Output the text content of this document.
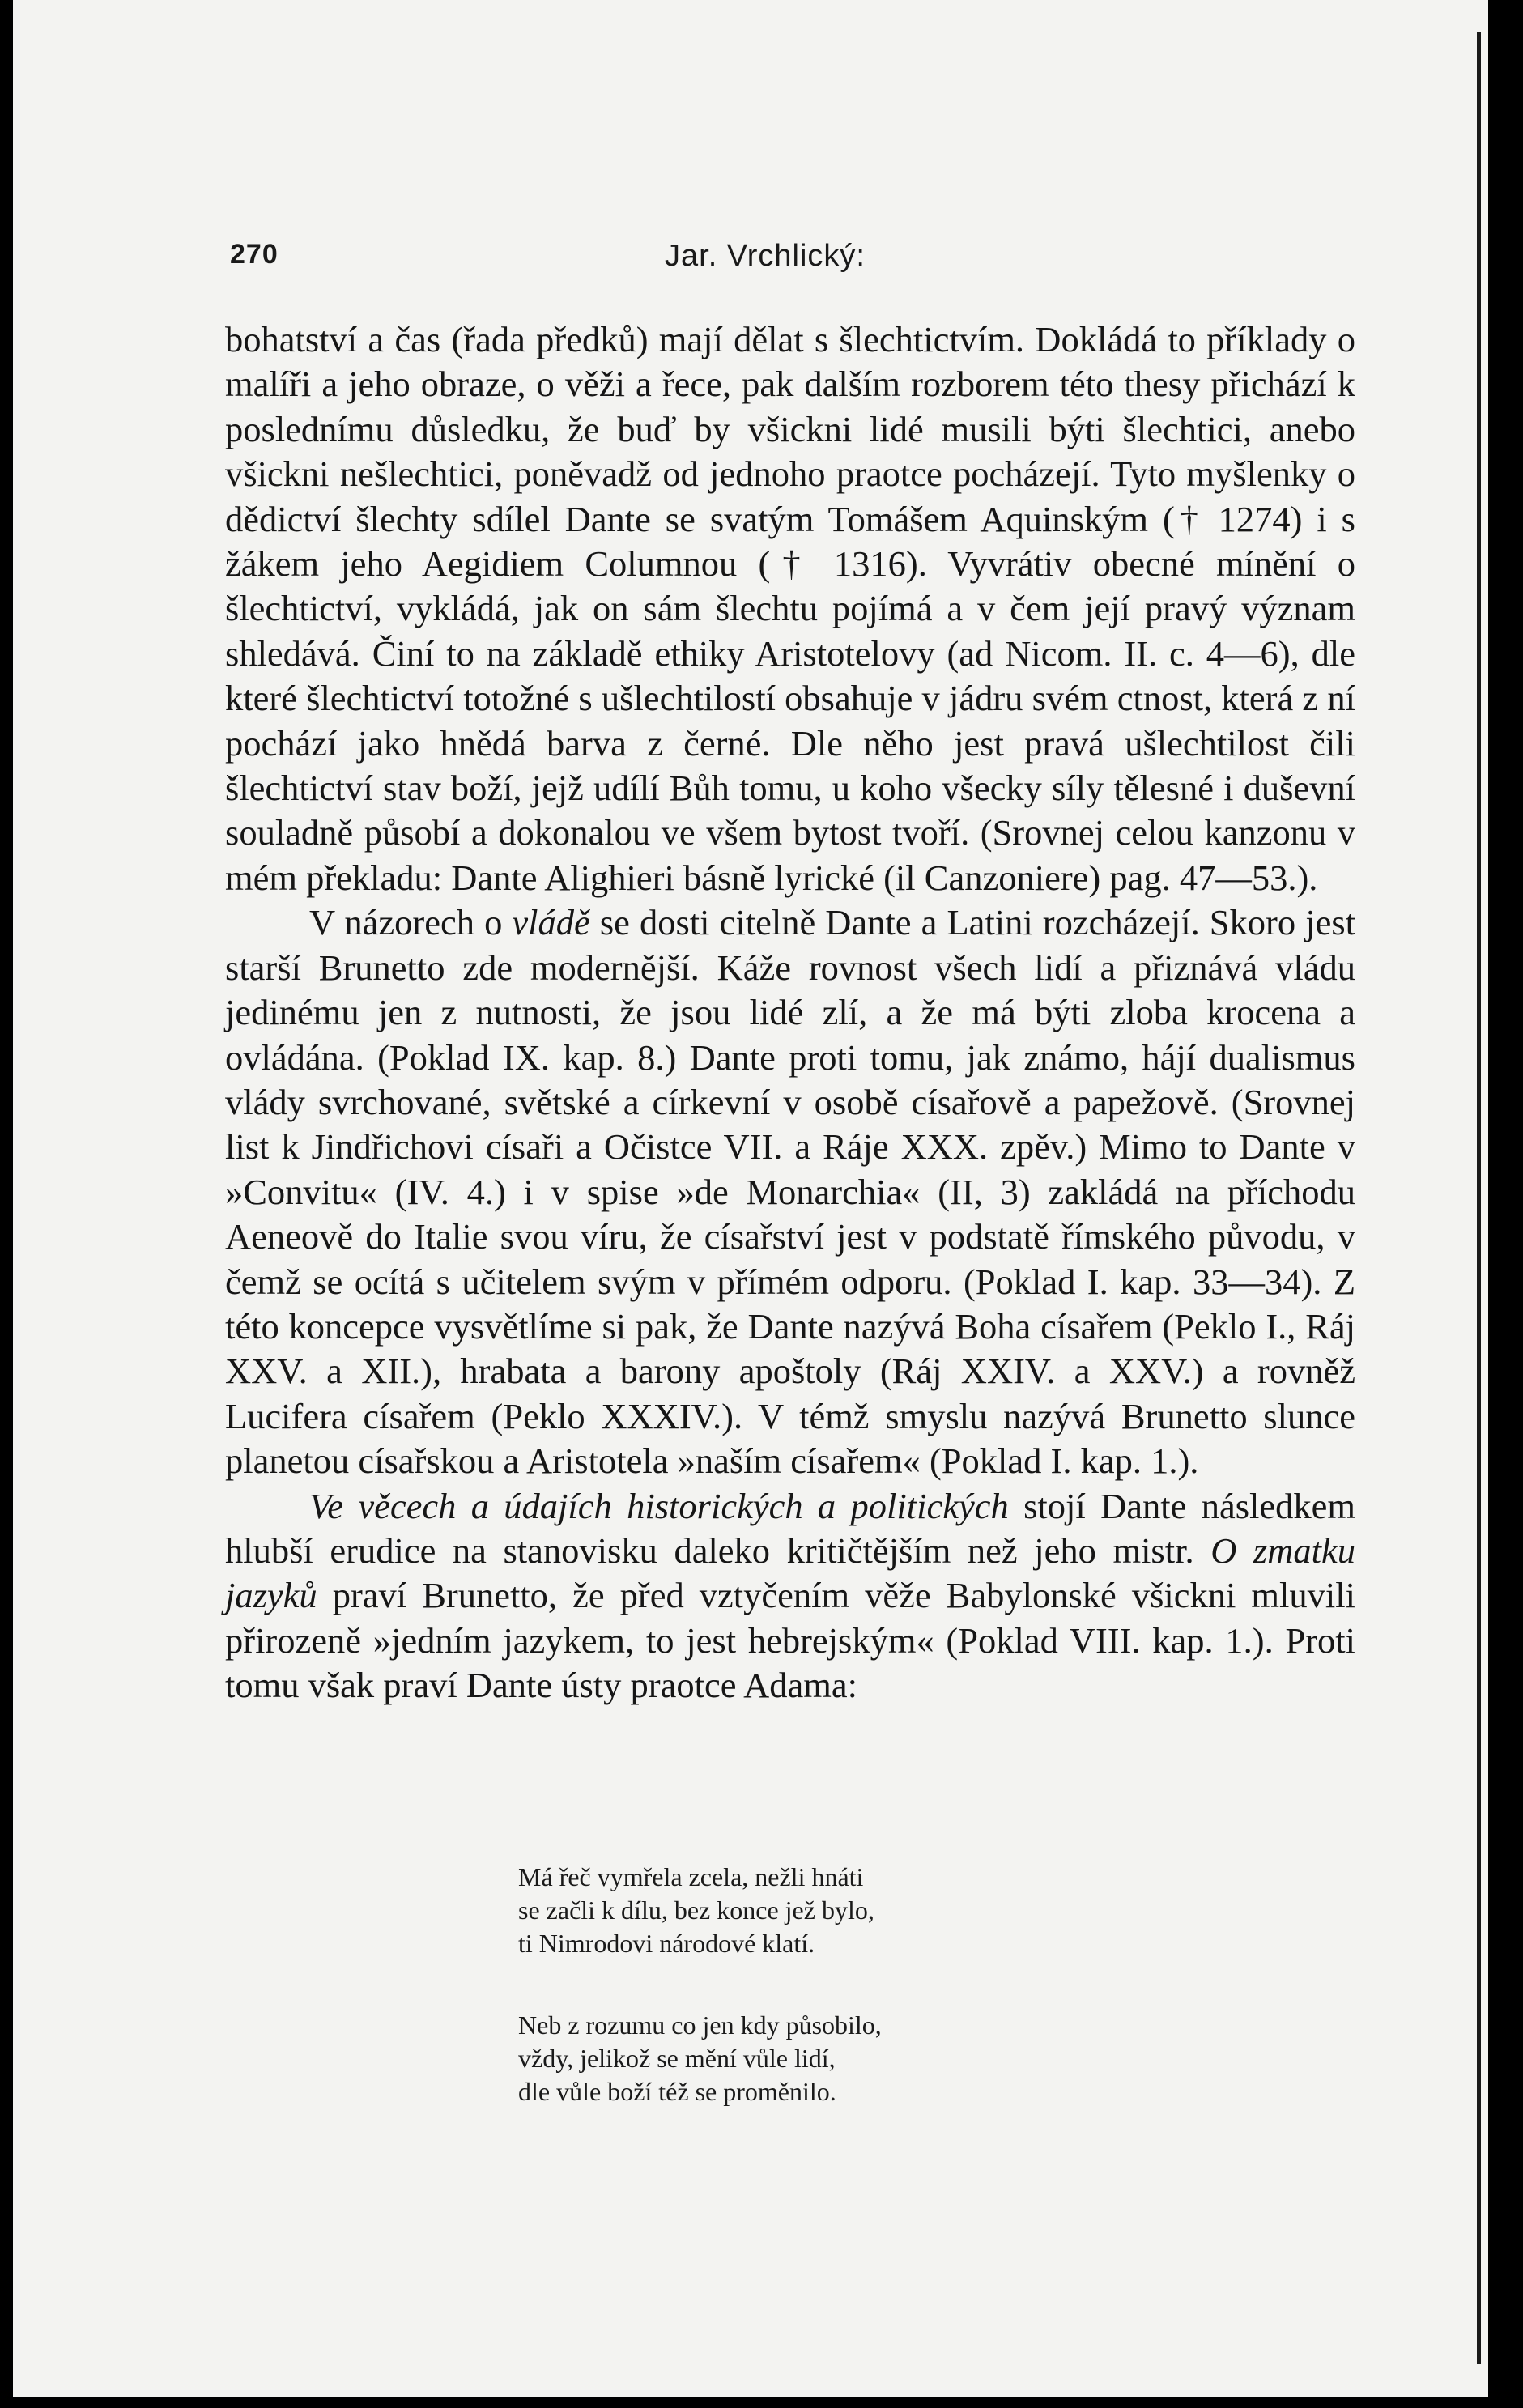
270	Jar. Vrchlický:

bohatství a čas (řada předků) mají dělat s šlechtictvím. Dokládá to příklady o malíři a jeho obraze, o věži a řece, pak dalším rozborem této thesy přichází k poslednímu důsledku, že buď by všickni lidé musili býti šlechtici, anebo všickni nešlechtici, poněvadž od jednoho praotce pocházejí. Tyto myšlenky o dědictví šlechty sdílel Dante se svatým Tomášem Aquinským († 1274) i s žákem jeho Aegidiem Columnou († 1316). Vyvrátiv obecné mínění o šlechtictví, vykládá, jak on sám šlechtu pojímá a v čem její pravý význam shledává. Činí to na základě ethiky Aristotelovy (ad Nicom. II. c. 4—6), dle které šlechtictví totožné s ušlechtilostí obsahuje v jádru svém ctnost, která z ní pochází jako hnědá barva z černé. Dle něho jest pravá ušlechtilost čili šlechtictví stav boží, jejž udílí Bůh tomu, u koho všecky síly tělesné i duševní souladně působí a dokonalou ve všem bytost tvoří. (Srovnej celou kanzonu v mém překladu: Dante Alighieri básně lyrické (il Canzoniere) pag. 47—53.).

V názorech o vládě se dosti citelně Dante a Latini rozcházejí. Skoro jest starší Brunetto zde modernější. Káže rovnost všech lidí a přiznává vládu jedinému jen z nutnosti, že jsou lidé zlí, a že má býti zloba krocena a ovládána. (Poklad IX. kap. 8.) Dante proti tomu, jak známo, hájí dualismus vlády svrchované, světské a církevní v osobě císařově a papežově. (Srovnej list k Jindřichovi císaři a Očistce VII. a Ráje XXX. zpěv.) Mimo to Dante v »Convitu« (IV. 4.) i v spise »de Monarchia« (II, 3) zakládá na příchodu Aeneově do Italie svou víru, že císařství jest v podstatě římského původu, v čemž se ocítá s učitelem svým v přímém odporu. (Poklad I. kap. 33—34). Z této koncepce vysvětlíme si pak, že Dante nazývá Boha císařem (Peklo I., Ráj XXV. a XII.), hrabata a barony apoštoly (Ráj XXIV. a XXV.) a rovněž Lucifera císařem (Peklo XXXIV.). V témž smyslu nazývá Brunetto slunce planetou císařskou a Aristotela »naším císařem« (Poklad I. kap. 1.).

Ve věcech a údajích historických a politických stojí Dante následkem hlubší erudice na stanovisku daleko kritičtějším než jeho mistr. O zmatku jazyků praví Brunetto, že před vztyčením věže Babylonské všickni mluvili přirozeně »jedním jazykem, to jest hebrejským« (Poklad VIII. kap. 1.). Proti tomu však praví Dante ústy praotce Adama:

Má řeč vymřela zcela, nežli hnáti
se začli k dílu, bez konce jež bylo,
ti Nimrodovi národové klatí.
Neb z rozumu co jen kdy působilo,
vždy, jelikož se mění vůle lidí,
dle vůle boží též se proměnilo.
